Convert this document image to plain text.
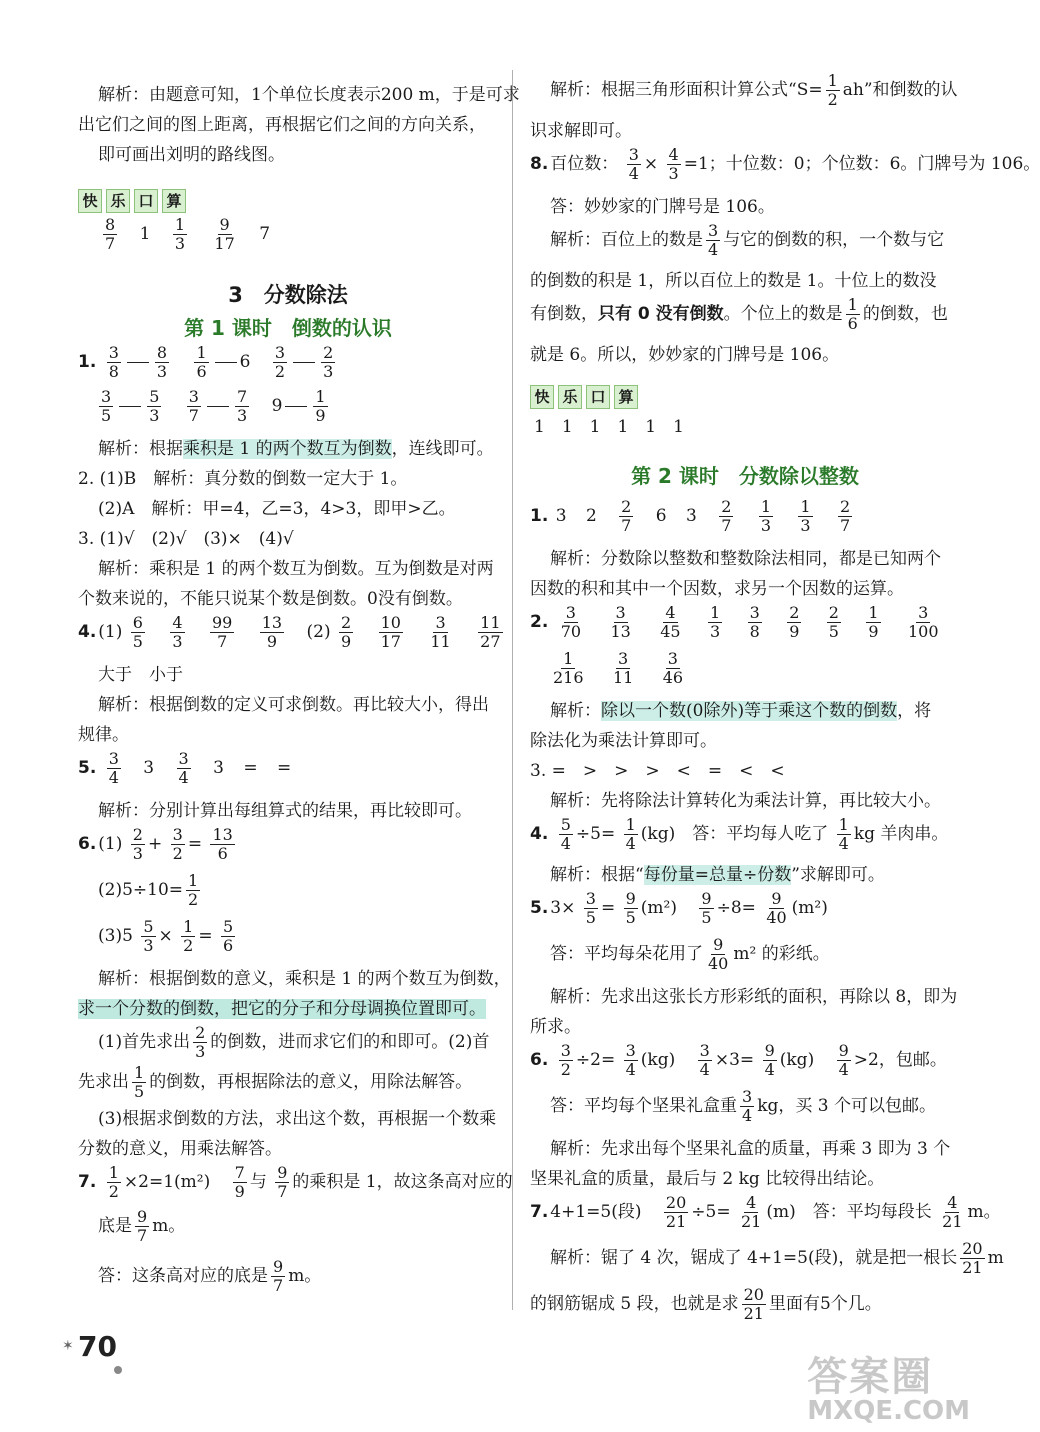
解析：由题意可知，1个单位长度表示200 m，于是可求
出它们之间的图上距离，再根据它们之间的方向关系，
即可画出刘明的路线图。
快 乐 口 算
$\frac{8}{7} 1 \frac{1}{3}$
$\frac{9}{17} 7$
3　分数除法
第 1 课时　倒数的认识
1. $\frac{3}{8} \frac{8}{3}$
$\frac{1}{6} 6 \frac{3}{2} \frac{2}{3}$
$\frac{3}{5} \frac{5}{3}$
$\frac{3}{7} \frac{7}{3} 9 \frac{1}{9}$
解析：根据乘积是 1 的两个数互为倒数，连线即可。
2. (1)B　解析：真分数的倒数一定大于 1。
(2)A　解析：甲=4，乙=3，4>3，即甲>乙。
3. (1)√　(2)√　(3)×　(4)√
解析：乘积是 1 的两个数互为倒数。互为倒数是对两
个数来说的，不能只说某个数是倒数。0没有倒数。
4. $(1) \frac{6}{5}$
$\frac{4}{3}$
$\frac{99}{7}$
$\frac{13}{9} (2) \frac{2}{9}$
$\frac{10}{17}$
$\frac{3}{11}$
$\frac{11}{27}$
大于　小于
解析：根据倒数的定义可求倒数。再比较大小，得出
规律。
5. $\frac{3}{4} 3 \frac{3}{4} 3$ = =
解析：分别计算出每组算式的结果，再比较即可。
6. $(1) \frac{2}{3} + \frac{3}{2} = \frac{13}{6}$
$(2)5\div 10= \frac{1}{2}$
$(3)5 \frac{5}{3} \times \frac{1}{2} = \frac{5}{6}$
解析：根据倒数的意义，乘积是 1 的两个数互为倒数，
求一个分数的倒数，把它的分子和分母调换位置即可。
(1)首先求出 $\frac{2}{3}$ 的倒数，进而求它们的和即可。(2)首
先求出 $\frac{1}{5}$ 的倒数，再根据除法的意义，用除法解答。
(3)根据求倒数的方法，求出这个数，再根据一个数乘
分数的意义，用乘法解答。
7. $\frac{1}{2} \times 2=1(m^2) \frac{7}{9}$ 与 $\frac{9}{7}$ 的乘积是 1，故这条高对应的
底是 $\frac{9}{7}$ m。
答：这条高对应的底是 $\frac{9}{7}$ m。
解析：根据三角形面积计算公式“$S= \frac{1}{2}$ ah”和倒数的认
识求解即可。
8. 百位数： $\frac{3}{4} \times \frac{4}{3} =1$；十位数：0；个位数：6。门牌号为 106。
答：妙妙家的门牌号是 106。
解析：百位上的数是 $\frac{3}{4}$ 与它的倒数的积，一个数与它
的倒数的积是 1，所以百位上的数是 1。十位上的数没
有倒数，只有 0 没有倒数。个位上的数是 $\frac{1}{6}$ 的倒数，也
就是 6。所以，妙妙家的门牌号是 106。
快 乐 口 算
1　1　1　1　1　1
第 2 课时　分数除以整数
1. 3 $2 \frac{2}{7} 6$ $3 \frac{2}{7}$
$\frac{1}{3}$
$\frac{1}{3}$
$\frac{2}{7}$
解析：分数除以整数和整数除法相同，都是已知两个
因数的积和其中一个因数，求另一个因数的运算。
2. $\frac{3}{70}$
$\frac{3}{13}$
$\frac{4}{45}$
$\frac{1}{3}$
$\frac{3}{8}$
$\frac{2}{9}$
$\frac{2}{5}$
$\frac{1}{9}$
$\frac{3}{100}$
$\frac{1}{216}$
$\frac{3}{11}$
$\frac{3}{46}$
解析：除以一个数(0除外)等于乘这个数的倒数，将
除法化为乘法计算即可。
3. =　>　>　>　<　=　<　<
解析：先将除法计算转化为乘法计算，再比较大小。
4. $\frac{5}{4} \div 5= \frac{1}{4} (kg)$　答：平均每人吃了 $\frac{1}{4}$ kg 羊肉串。
解析：根据“每份量=总量÷份数”求解即可。
5. $3\times \frac{3}{5} = \frac{9}{5} (m^2) \frac{9}{5} \div 8= \frac{9}{40} (m^2)$
答：平均每朵花用了 $\frac{9}{40} m^2$ 的彩纸。
解析：先求出这张长方形彩纸的面积，再除以 8，即为
所求。
6. $\frac{3}{2} \div 2= \frac{3}{4} (kg) \frac{3}{4} \times 3= \frac{9}{4} (kg) \frac{9}{4} >2$，包邮。
答：平均每个坚果礼盒重 $\frac{3}{4}$ kg，买 3 个可以包邮。
解析：先求出每个坚果礼盒的质量，再乘 3 即为 3 个
坚果礼盒的质量，最后与 2 kg 比较得出结论。
7. 4+1=5(段) $\frac{20}{21} \div 5= \frac{4}{21} (m)$　答：平均每段长 $\frac{4}{21}$ m。
解析：锯了 4 次，锯成了 4+1=5(段)，就是把一根长 $\frac{20}{21}$ m
的钢筋锯成 5 段，也就是求 $\frac{20}{21}$ 里面有5个几。
✶ 70
答案圈
MXQE.COM
